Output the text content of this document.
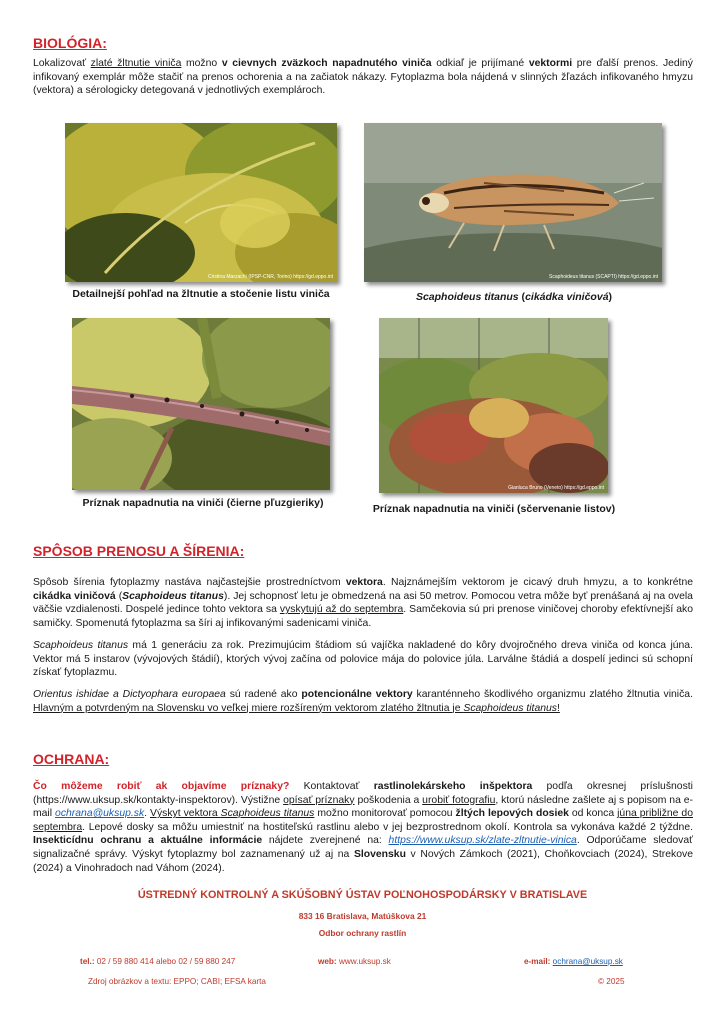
BIOLÓGIA:
Lokalizovať zlaté žltnutie viniča možno v cievnych zväzkoch napadnutého viniča odkiaľ je prijímané vektormi pre ďalší prenos. Jediný infikovaný exemplár môže stačiť na prenos ochorenia a na začiatok nákazy. Fytoplazma bola nájdená v slinných žľazách infikovaného hmyzu (vektora) a sérologicky detegovaná v jednotlivých exemplároch.
Cristina Marzachì (IPSP-CNR, Torino) https://gd.eppo.int
Detailnejší pohľad na žltnutie a stočenie listu viniča
Scaphoideus titanus (SCAPTI) https://gd.eppo.int
Scaphoideus titanus (cikádka viničová)
Príznak napadnutia na viniči (čierne pľuzgieriky)
Gianluca Bruno (Veneto) https://gd.eppo.int
Príznak napadnutia na viniči (sčervenanie listov)
SPÔSOB PRENOSU A ŠÍRENIA:
Spôsob šírenia fytoplazmy nastáva najčastejšie prostredníctvom vektora. Najznámejším vektorom je cicavý druh hmyzu, a to konkrétne cikádka viničová (Scaphoideus titanus). Jej schopnosť letu je obmedzená na asi 50 metrov. Pomocou vetra môže byť prenášaná aj na ovela väčšie vzdialenosti. Dospelé jedince tohto vektora sa vyskytujú až do septembra. Samčekovia sú pri prenose viničovej choroby efektívnejší ako samičky. Spomenutá fytoplazma sa šíri aj infikovanými sadenicami viniča.
Scaphoideus titanus má 1 generáciu za rok. Prezimujúcim štádiom sú vajíčka nakladené do kôry dvojročného dreva viniča od konca júna. Vektor má 5 instarov (vývojových štádií), ktorých vývoj začína od polovice mája do polovice júla. Larválne štádiá a dospelí jedinci sú schopní získať fytoplazmu.
Orientus ishidae a Dictyophara europaea sú radené ako potencionálne vektory karanténneho škodlivého organizmu zlatého žltnutia viniča. Hlavným a potvrdeným na Slovensku vo veľkej miere rozšíreným vektorom zlatého žltnutia je Scaphoideus titanus!
OCHRANA:
Čo môžeme robiť ak objavíme príznaky? Kontaktovať rastlinolekárskeho inšpektora podľa okresnej príslušnosti (https://www.uksup.sk/kontakty-inspektorov). Výstižne opísať príznaky poškodenia a urobiť fotografiu, ktorú následne zašlete aj s popisom na e-mail ochrana@uksup.sk. Výskyt vektora Scaphoideus titanus možno monitorovať pomocou žltých lepových dosiek od konca júna približne do septembra. Lepové dosky sa môžu umiestniť na hostiteľskú rastlinu alebo v jej bezprostrednom okolí. Kontrola sa vykonáva každé 2 týždne. Insekticídnu ochranu a aktuálne informácie nájdete zverejnené na: https://www.uksup.sk/zlate-zltnutie-vinica. Odporúčame sledovať signalizačné správy. Výskyt fytoplazmy bol zaznamenaný už aj na Slovensku v Nových Zámkoch (2021), Choňkovciach (2024), Strekove (2024) a Vinohradoch nad Váhom (2024).
ÚSTREDNÝ KONTROLNÝ A SKÚŠOBNÝ ÚSTAV POĽNOHOSPODÁRSKY V BRATISLAVE
833 16 Bratislava, Matúškova 21
Odbor ochrany rastlín
tel.: 02 / 59 880 414 alebo 02 / 59 880 247	web: www.uksup.sk	e-mail: ochrana@uksup.sk
Zdroj obrázkov a textu: EPPO; CABI; EFSA karta	© 2025
